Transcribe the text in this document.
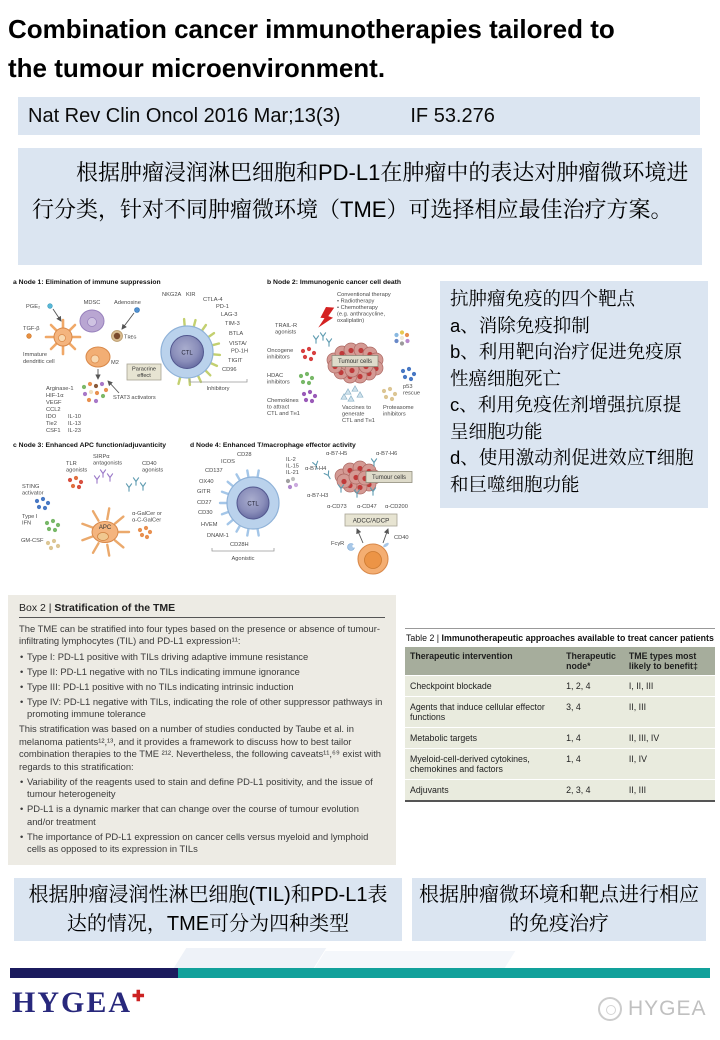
Combination cancer immunotherapies tailored to
the tumour microenvironment.
Nat Rev Clin Oncol 2016 Mar;13(3)	IF 53.276

根据肿瘤浸润淋巴细胞和PD-L1在肿瘤中的表达对肿瘤微环境进行分类，针对不同肿瘤微环境（TME）可选择相应最佳治疗方案。

a Node 1: Elimination of immune suppression
PGE₂
TGF-β
Immature
dendritic cell
MDSC Adenosine
Tʀᴇɢ
M2
Paracrine
effect
STAT3 activators
Arginase-1
HIF-1α
VEGF
CCL2
IDO
Tie2
CSF1
IL-10
IL-13
IL-23
CTL
NKG2A KIR
CTLA-4
PD-1
LAG-3
TIM-3
BTLA
VISTA/
PD-1H
TIGIT
CD96
Inhibitory
b Node 2: Immunogenic cancer cell death
Conventional therapy
• Radiotherapy
• Chemotherapy
(e.g. anthracycline,
oxaliplatin)
TRAIL-R
agonists
Oncogene
inhibitors
HDAC
inhibitors
Chemokines
to attract
CTL and Tʜ1
Tumour cells
p53
rescue
Vaccines to
generate
CTL and Tʜ1
Proteasome
inhibitors
c Node 3: Enhanced APC function/adjuvanticity
SIRPα
antagonists
TLR
agonists
CD40
agonists
STING
activator
Type I
IFN
GM-CSF
APC
α-GalCer or
α-C-GalCer
d Node 4: Enhanced T/macrophage effector activity
CTL
CD28
ICOS
CD137
OX40
GITR
CD27
CD30
HVEM
DNAM-1
CD28H
Agonistic
IL-2
IL-15
IL-21
Tumour cells
α-B7-H5	α-B7-H6
α-B7-H4
α-B7-H3
α-CD73 α-CD47 α-CD200
ADCC/ADCP
FcγR
CD40
抗肿瘤免疫的四个靶点
a、消除免疫抑制
b、利用靶向治疗促进免疫原性癌细胞死亡
c、利用免疫佐剂增强抗原提呈细胞功能
d、使用激动剂促进效应T细胞和巨噬细胞功能
Box 2 | Stratification of the TME

The TME can be stratified into four types based on the presence or absence of tumour-infiltrating lymphocytes (TIL) and PD-L1 expression¹¹:

• Type I: PD-L1 positive with TILs driving adaptive immune resistance
• Type II: PD-L1 negative with no TILs indicating immune ignorance
• Type III: PD-L1 positive with no TILs indicating intrinsic induction
• Type IV: PD-L1 negative with TILs, indicating the role of other suppressor pathways in promoting immune tolerance

This stratification was based on a number of studies conducted by Taube et al. in melanoma patients¹²,¹³, and it provides a framework to discuss how to best tailor combination therapies to the TME ²¹². Nevertheless, the following caveats¹¹,⁶⁹ exist with regards to this stratification:

• Variability of the reagents used to stain and define PD-L1 positivity, and the issue of tumour heterogeneity
• PD-L1 is a dynamic marker that can change over the course of tumour evolution and/or treatment
• The importance of PD-L1 expression on cancer cells versus myeloid and lymphoid cells as opposed to its expression in TILs
Table 2 | Immunotherapeutic approaches available to treat cancer patients
Therapeutic intervention	Therapeutic node*	TME types most likely to benefit‡
Checkpoint blockade	1, 2, 4	I, II, III
Agents that induce cellular effector functions	3, 4	II, III
Metabolic targets	1, 4	II, III, IV
Myeloid-cell-derived cytokines, chemokines and factors	1, 4	II, IV
Adjuvants	2, 3, 4	II, III
根据肿瘤浸润性淋巴细胞(TIL)和PD-L1表达的情况，TME可分为四种类型
根据肿瘤微环境和靶点进行相应的免疫治疗
HYGEA✚	HYGEA
